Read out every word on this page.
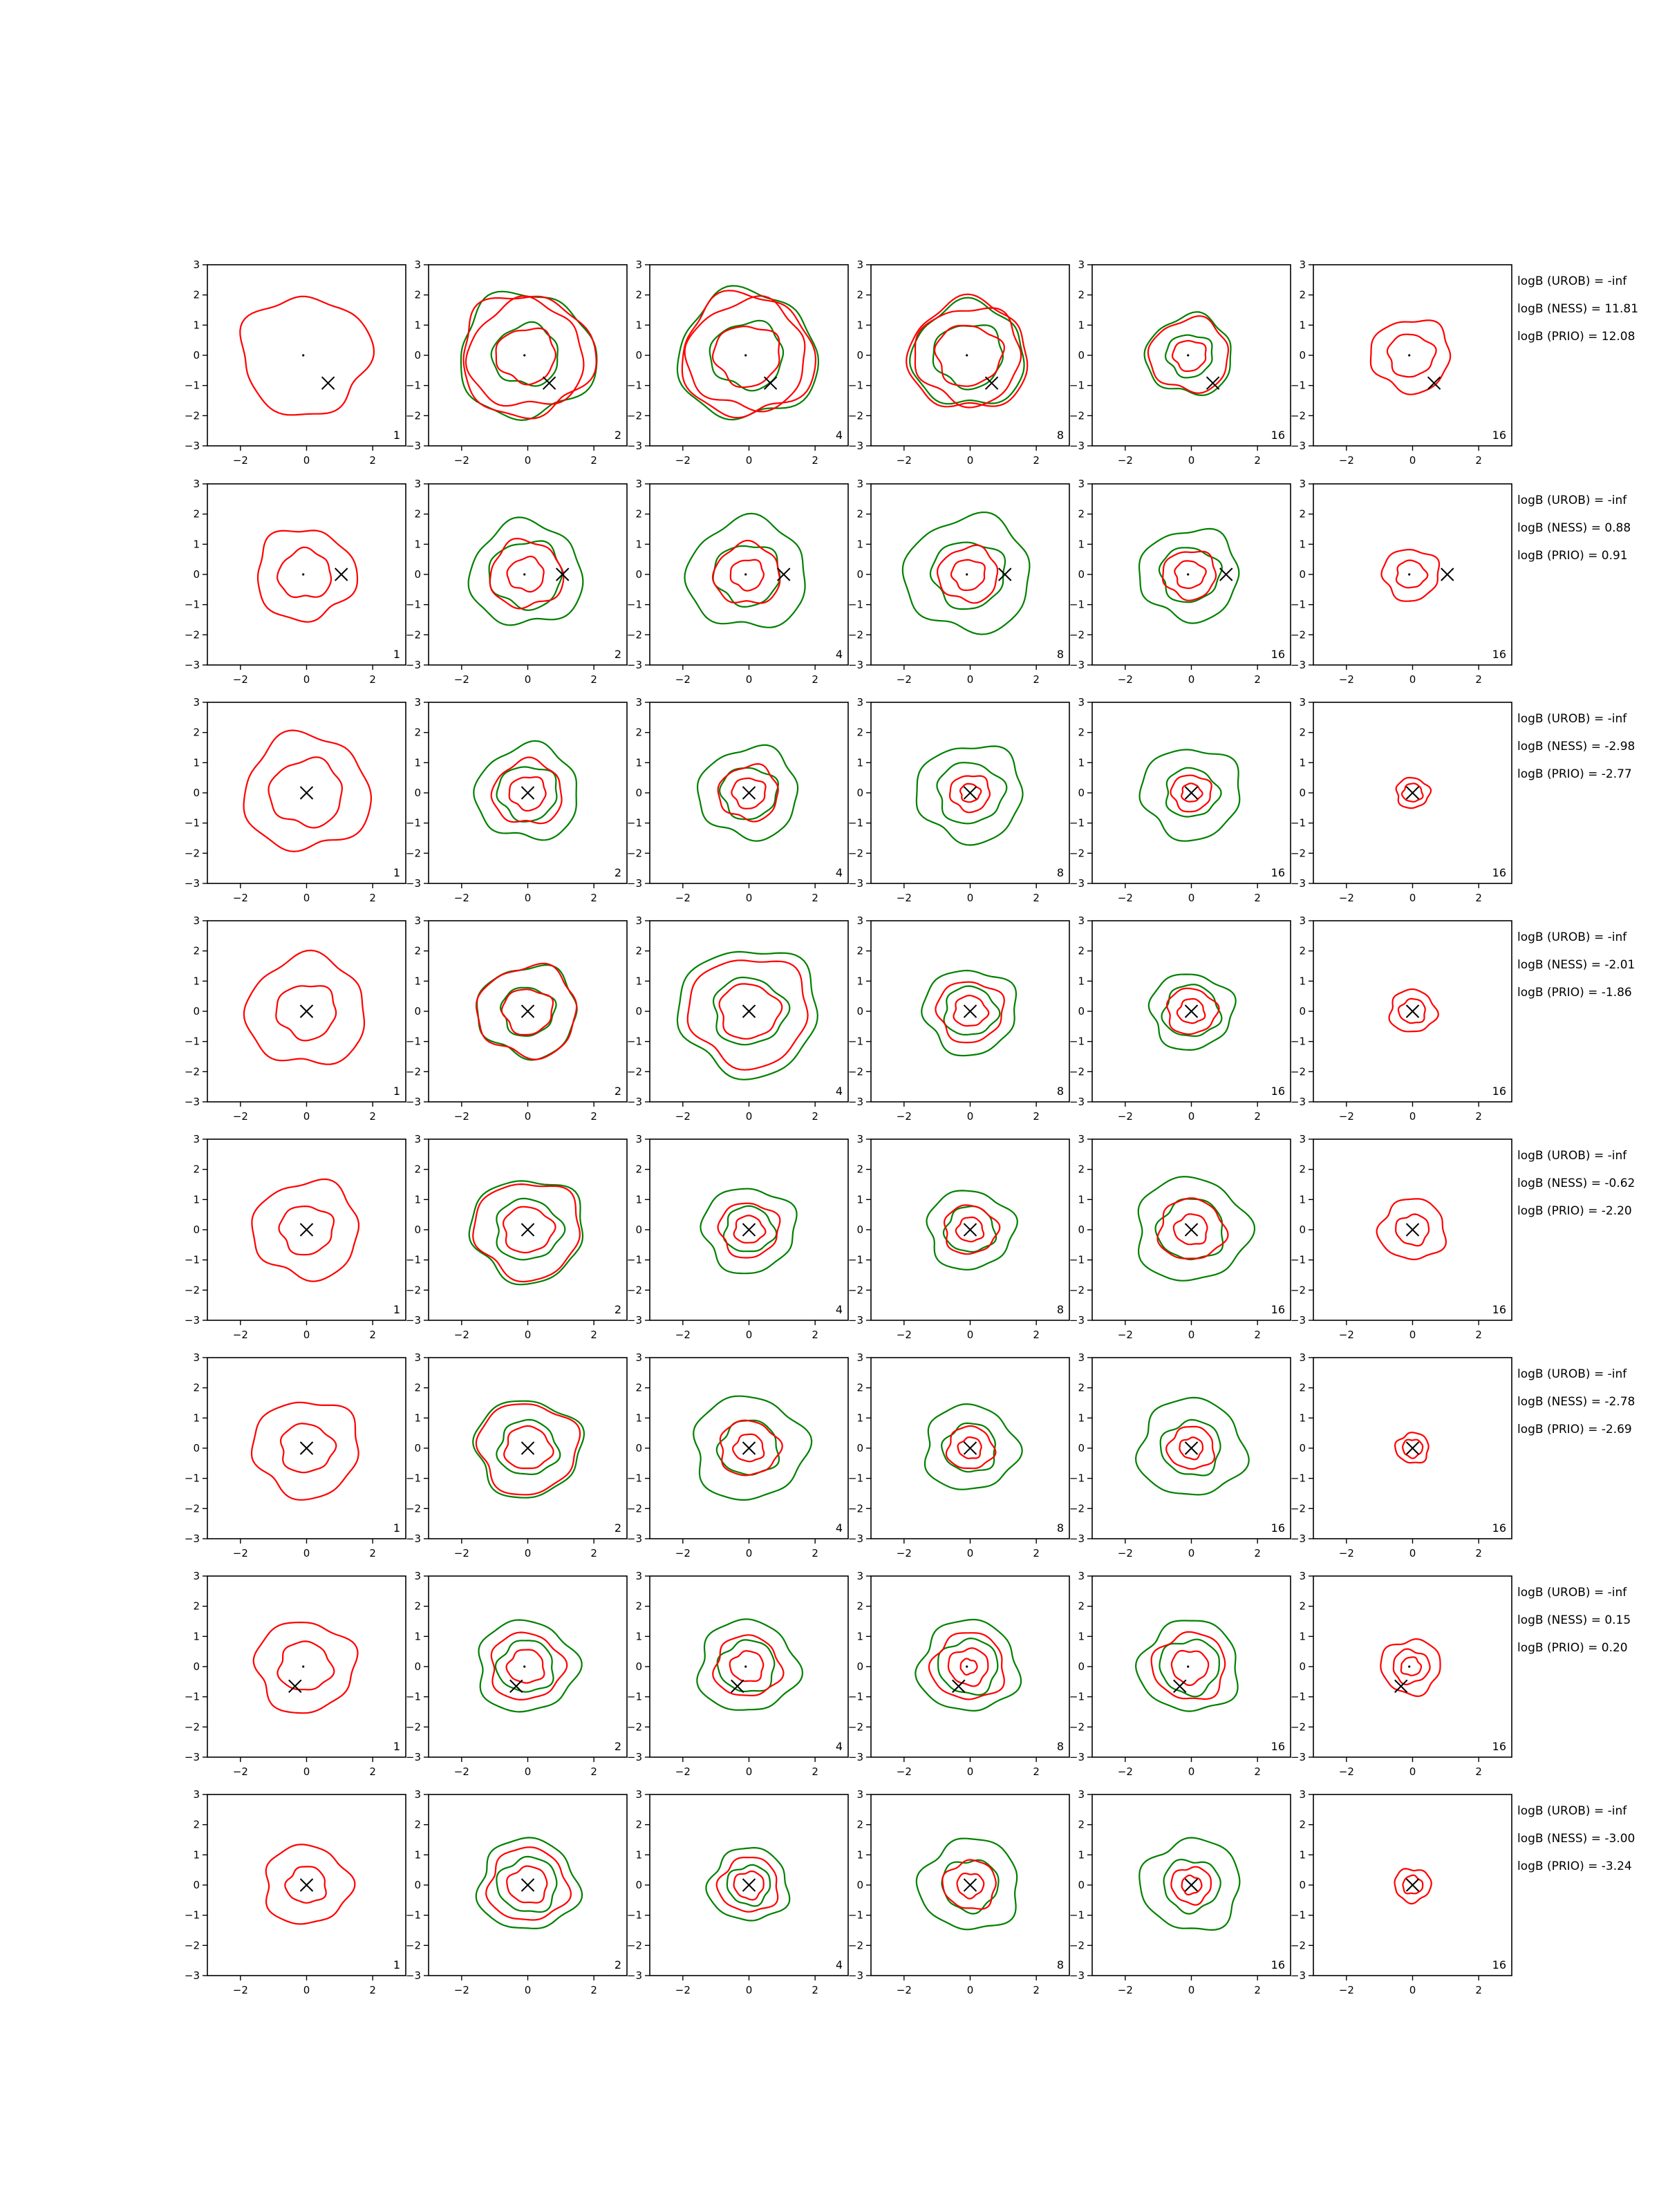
−2	0	2
3
2
1
0
−1
−2
−3
1
−2	0	2
3
2
1
0
−1
−2
−3
2
−2	0	2
3
2
1
0
−1
−2
−3
4
−2	0	2
3
2
1
0
−1
−2
−3
8
−2	0	2
3
2
1
0
−1
−2
−3
16
−2	0	2
3
2
1
0
−1
−2
−3
16
−2	0	2
3
2
1
0
−1
−2
−3
1
−2	0	2
3
2
1
0
−1
−2
−3
2
−2	0	2
3
2
1
0
−1
−2
−3
4
−2	0	2
3
2
1
0
−1
−2
−3
8
−2	0	2
3
2
1
0
−1
−2
−3
16
−2	0	2
3
2
1
0
−1
−2
−3
16
−2	0	2
3
2
1
0
−1
−2
−3
1
−2	0	2
3
2
1
0
−1
−2
−3
2
−2	0	2
3
2
1
0
−1
−2
−3
4
−2	0	2
3
2
1
0
−1
−2
−3
8
−2	0	2
3
2
1
0
−1
−2
−3
16
−2	0	2
3
2
1
0
−1
−2
−3
16
−2	0	2
3
2
1
0
−1
−2
−3
1
−2	0	2
3
2
1
0
−1
−2
−3
2
−2	0	2
3
2
1
0
−1
−2
−3
4
−2	0	2
3
2
1
0
−1
−2
−3
8
−2	0	2
3
2
1
0
−1
−2
−3
16
−2	0	2
3
2
1
0
−1
−2
−3
16
−2	0	2
3
2
1
0
−1
−2
−3
1
−2	0	2
3
2
1
0
−1
−2
−3
2
−2	0	2
3
2
1
0
−1
−2
−3
4
−2	0	2
3
2
1
0
−1
−2
−3
8
−2	0	2
3
2
1
0
−1
−2
−3
16
−2	0	2
3
2
1
0
−1
−2
−3
16
−2	0	2
3
2
1
0
−1
−2
−3
1
−2	0	2
3
2
1
0
−1
−2
−3
2
−2	0	2
3
2
1
0
−1
−2
−3
4
−2	0	2
3
2
1
0
−1
−2
−3
8
−2	0	2
3
2
1
0
−1
−2
−3
16
−2	0	2
3
2
1
0
−1
−2
−3
16
−2	0	2
3
2
1
0
−1
−2
−3
1
−2	0	2
3
2
1
0
−1
−2
−3
2
−2	0	2
3
2
1
0
−1
−2
−3
4
−2	0	2
3
2
1
0
−1
−2
−3
8
−2	0	2
3
2
1
0
−1
−2
−3
16
−2	0	2
3
2
1
0
−1
−2
−3
16
−2	0	2
3
2
1
0
−1
−2
−3
1
−2	0	2
3
2
1
0
−1
−2
−3
2
−2	0	2
3
2
1
0
−1
−2
−3
4
−2	0	2
3
2
1
0
−1
−2
−3
8
−2	0	2
3
2
1
0
−1
−2
−3
16
−2	0	2
3
2
1
0
−1
−2
−3
16
logB (UROB) = -inf
logB (NESS) = 11.81
logB (PRIO) = 12.08
logB (UROB) = -inf
logB (NESS) = 0.88
logB (PRIO) = 0.91
logB (UROB) = -inf
logB (NESS) = -2.98
logB (PRIO) = -2.77
logB (UROB) = -inf
logB (NESS) = -2.01
logB (PRIO) = -1.86
logB (UROB) = -inf
logB (NESS) = -0.62
logB (PRIO) = -2.20
logB (UROB) = -inf
logB (NESS) = -2.78
logB (PRIO) = -2.69
logB (UROB) = -inf
logB (NESS) = 0.15
logB (PRIO) = 0.20
logB (UROB) = -inf
logB (NESS) = -3.00
logB (PRIO) = -3.24
